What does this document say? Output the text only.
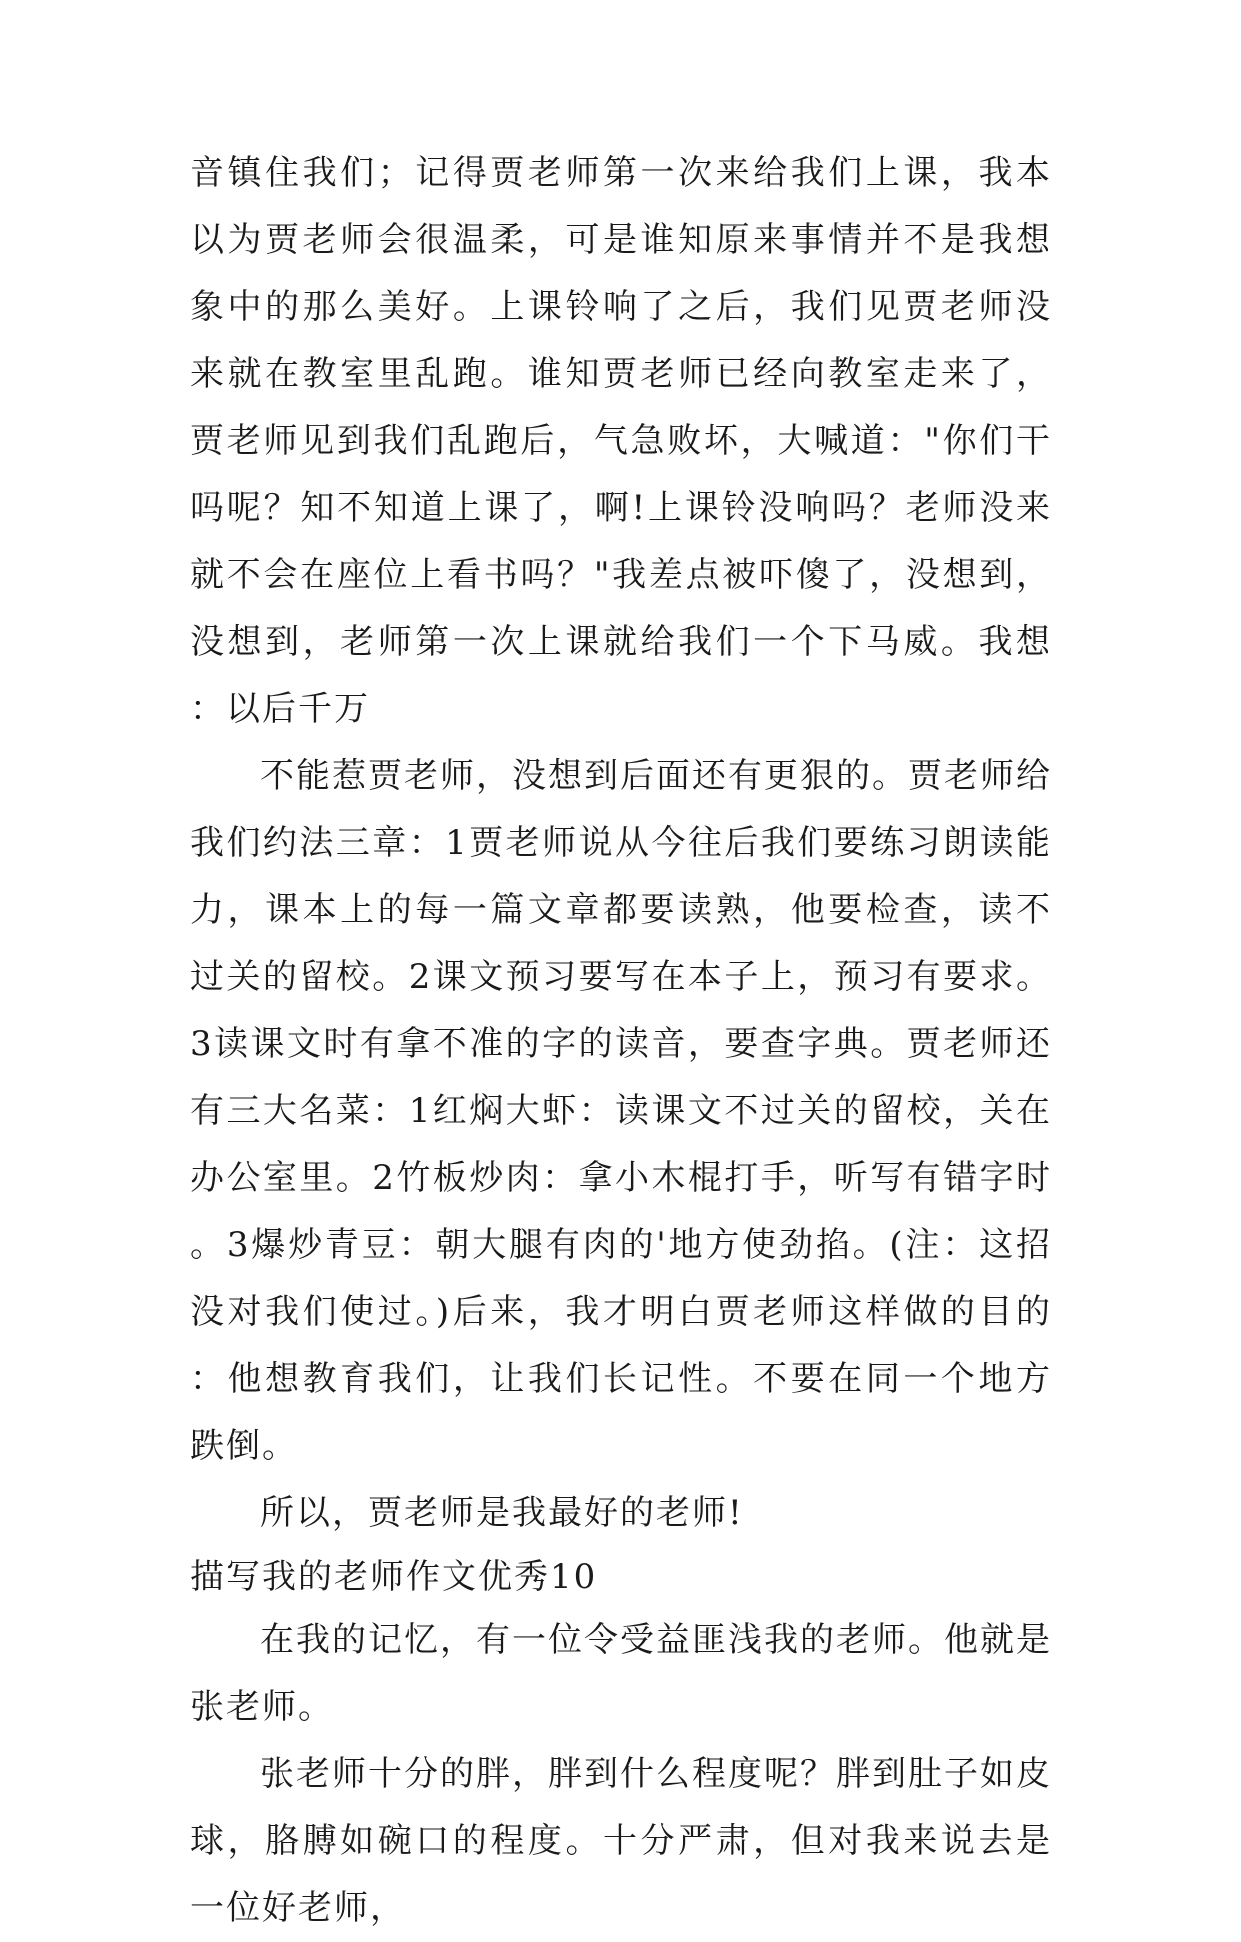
音镇住我们；记得贾老师第一次来给我们上课，我本以为贾老师会很温柔，可是谁知原来事情并不是我想象中的那么美好。上课铃响了之后，我们见贾老师没来就在教室里乱跑。谁知贾老师已经向教室走来了，贾老师见到我们乱跑后，气急败坏，大喊道："你们干吗呢？知不知道上课了，啊!上课铃没响吗？老师没来就不会在座位上看书吗？"我差点被吓傻了，没想到，没想到，老师第一次上课就给我们一个下马威。我想：以后千万

不能惹贾老师，没想到后面还有更狠的。贾老师给我们约法三章：1贾老师说从今往后我们要练习朗读能力，课本上的每一篇文章都要读熟，他要检查，读不过关的留校。2课文预习要写在本子上，预习有要求。3读课文时有拿不准的字的读音，要查字典。贾老师还有三大名菜：1红焖大虾：读课文不过关的留校，关在办公室里。2竹板炒肉：拿小木棍打手，听写有错字时。3爆炒青豆：朝大腿有肉的'地方使劲掐。(注：这招没对我们使过。)后来，我才明白贾老师这样做的目的：他想教育我们，让我们长记性。不要在同一个地方跌倒。

所以，贾老师是我最好的老师!

描写我的老师作文优秀10

在我的记忆，有一位令受益匪浅我的老师。他就是张老师。

张老师十分的胖，胖到什么程度呢？胖到肚子如皮球，胳膊如碗口的程度。十分严肃，但对我来说去是一位好老师，
